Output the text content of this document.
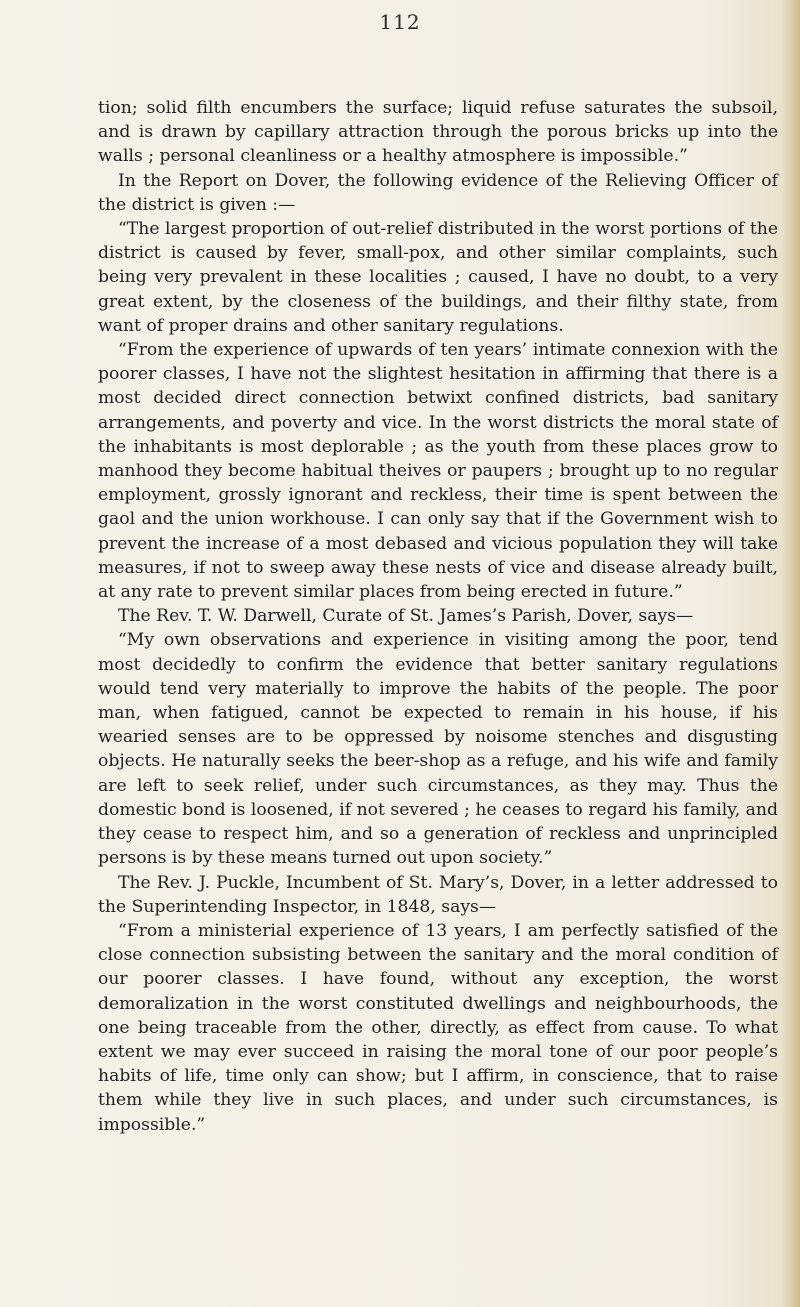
112

tion; solid filth encumbers the surface; liquid refuse saturates the subsoil, and is drawn by capillary attraction through the porous bricks up into the walls ; personal cleanliness or a healthy atmosphere is impossible.”

In the Report on Dover, the following evidence of the Relieving Officer of the district is given :—

“The largest proportion of out-relief distributed in the worst portions of the district is caused by fever, small-pox, and other similar complaints, such being very prevalent in these localities ; caused, I have no doubt, to a very great extent, by the closeness of the buildings, and their filthy state, from want of proper drains and other sanitary regulations.

“From the experience of upwards of ten years’ intimate connexion with the poorer classes, I have not the slightest hesitation in affirming that there is a most decided direct connection betwixt confined districts, bad sanitary arrangements, and poverty and vice. In the worst districts the moral state of the inhabitants is most deplorable ; as the youth from these places grow to manhood they become habitual theives or paupers ; brought up to no regular employment, grossly ignorant and reckless, their time is spent between the gaol and the union workhouse. I can only say that if the Government wish to prevent the increase of a most debased and vicious population they will take measures, if not to sweep away these nests of vice and disease already built, at any rate to prevent similar places from being erected in future.”

The Rev. T. W. Darwell, Curate of St. James’s Parish, Dover, says—

“My own observations and experience in visiting among the poor, tend most decidedly to confirm the evidence that better sanitary regulations would tend very materially to improve the habits of the people. The poor man, when fatigued, cannot be expected to remain in his house, if his wearied senses are to be oppressed by noisome stenches and disgusting objects. He naturally seeks the beer-shop as a refuge, and his wife and family are left to seek relief, under such circumstances, as they may. Thus the domestic bond is loosened, if not severed ; he ceases to regard his family, and they cease to respect him, and so a generation of reckless and unprincipled persons is by these means turned out upon society.”

The Rev. J. Puckle, Incumbent of St. Mary’s, Dover, in a letter addressed to the Superintending Inspector, in 1848, says—

“From a ministerial experience of 13 years, I am perfectly satisfied of the close connection subsisting between the sanitary and the moral condition of our poorer classes. I have found, without any exception, the worst demoralization in the worst constituted dwellings and neighbourhoods, the one being traceable from the other, directly, as effect from cause. To what extent we may ever succeed in raising the moral tone of our poor people’s habits of life, time only can show; but I affirm, in conscience, that to raise them while they live in such places, and under such circumstances, is impossible.”
